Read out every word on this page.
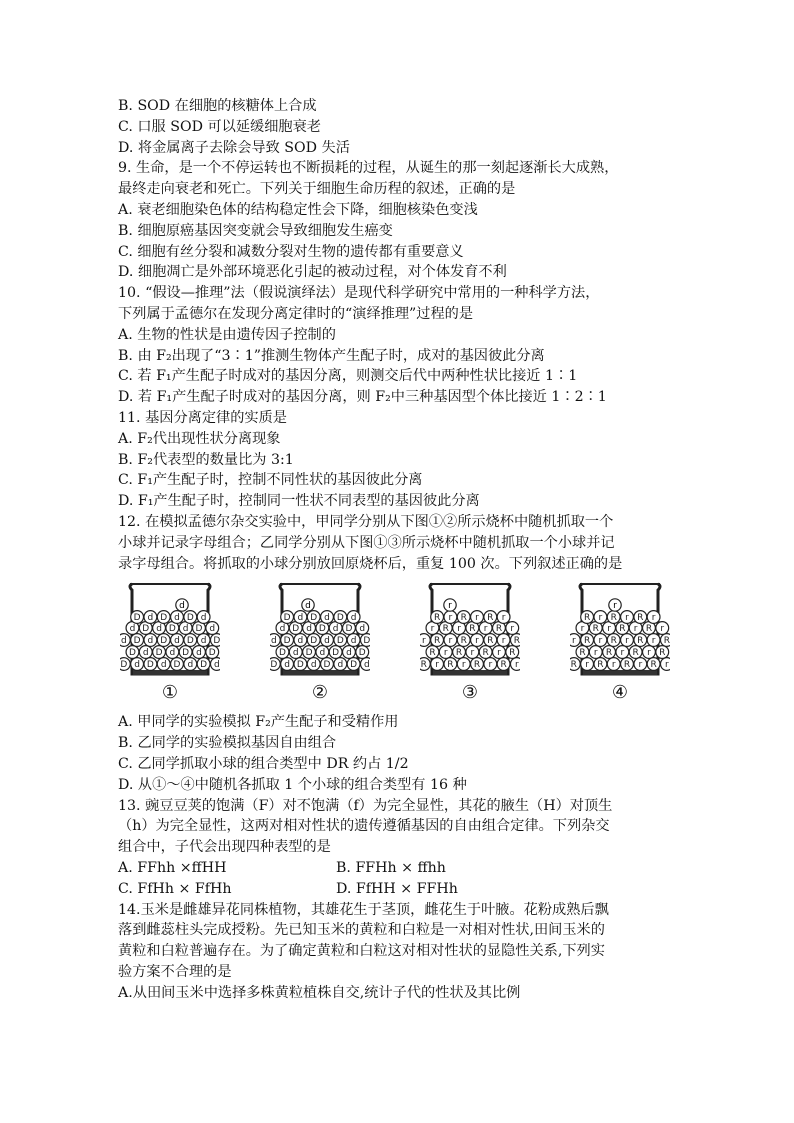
B. SOD 在细胞的核糖体上合成
C. 口服 SOD 可以延缓细胞衰老
D. 将金属离子去除会导致 SOD 失活
9. 生命，是一个不停运转也不断损耗的过程，从诞生的那一刻起逐渐长大成熟，
最终走向衰老和死亡。下列关于细胞生命历程的叙述，正确的是
A. 衰老细胞染色体的结构稳定性会下降，细胞核染色变浅
B. 细胞原癌基因突变就会导致细胞发生癌变
C. 细胞有丝分裂和减数分裂对生物的遗传都有重要意义
D. 细胞凋亡是外部环境恶化引起的被动过程，对个体发育不利
10. “假设—推理”法（假说演绎法）是现代科学研究中常用的一种科学方法，
下列属于孟德尔在发现分离定律时的“演绎推理”过程的是
A. 生物的性状是由遗传因子控制的
B. 由 F₂出现了“3∶1”推测生物体产生配子时，成对的基因彼此分离
C. 若 F₁产生配子时成对的基因分离，则测交后代中两种性状比接近 1∶1
D. 若 F₁产生配子时成对的基因分离，则 F₂中三种基因型个体比接近 1∶2∶1
11. 基因分离定律的实质是
A. F₂代出现性状分离现象
B. F₂代表型的数量比为 3:1
C. F₁产生配子时，控制不同性状的基因彼此分离
D. F₁产生配子时，控制同一性状不同表型的基因彼此分离
12. 在模拟孟德尔杂交实验中，甲同学分别从下图①②所示烧杯中随机抓取一个
小球并记录字母组合；乙同学分别从下图①③所示烧杯中随机抓取一个小球并记
录字母组合。将抓取的小球分别放回原烧杯后，重复 100 次。下列叙述正确的是
D d D d D d D d
D d D d D d D
d D d D d D d D
d D d D d D d
D d D d D d
d
①
D d D d D d D d
D d D d D d D
d D d D d D d D
d D d D d D d
D d D d D d
d
②
R r R r R r R r
R r R r R r R
r R r R r R r R
r R r R r R r
R r R r R r
r
③
R r R r R r R r
R r R r R r R
r R r R r R r R
r R r R r R r
R r R r R r
r
④
A. 甲同学的实验模拟 F₂产生配子和受精作用
B. 乙同学的实验模拟基因自由组合
C. 乙同学抓取小球的组合类型中 DR 约占 1/2
D. 从①～④中随机各抓取 1 个小球的组合类型有 16 种
13. 豌豆豆荚的饱满（F）对不饱满（f）为完全显性，其花的腋生（H）对顶生
（h）为完全显性，这两对相对性状的遗传遵循基因的自由组合定律。下列杂交
组合中，子代会出现四种表型的是
A. FFhh ×ffHH	B. FFHh × ffhh
C. FfHh × FfHh	D. FfHH × FFHh
14.玉米是雌雄异花同株植物，其雄花生于茎顶，雌花生于叶腋。花粉成熟后飘
落到雌蕊柱头完成授粉。先已知玉米的黄粒和白粒是一对相对性状,田间玉米的
黄粒和白粒普遍存在。为了确定黄粒和白粒这对相对性状的显隐性关系,下列实
验方案不合理的是
A.从田间玉米中选择多株黄粒植株自交,统计子代的性状及其比例
